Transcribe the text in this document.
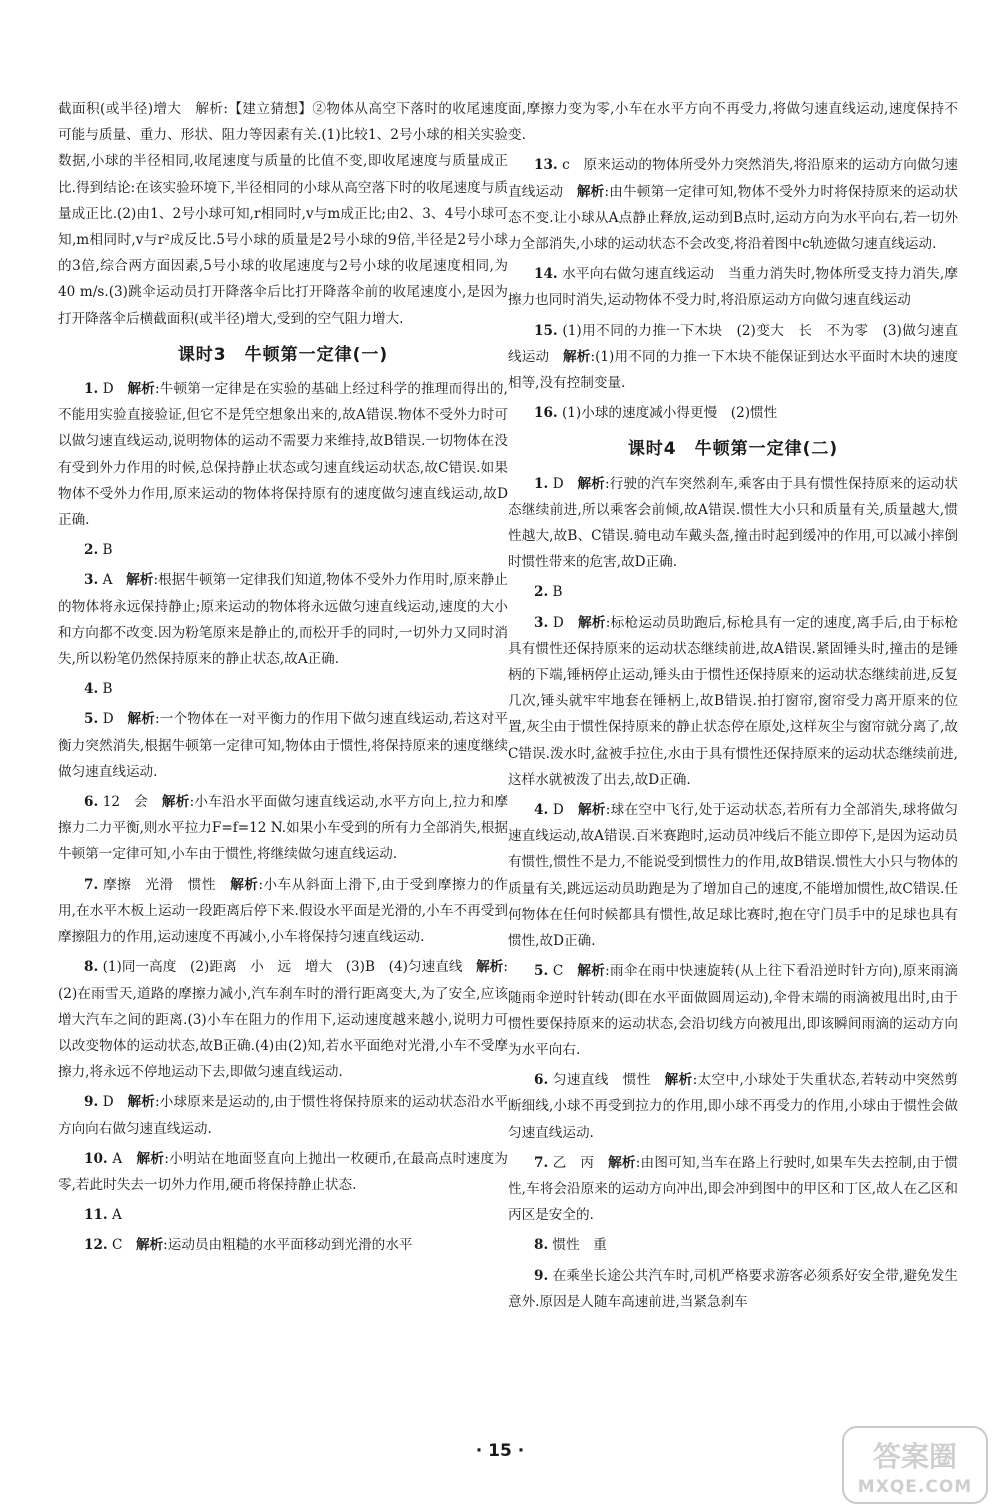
截面积(或半径)增大　解析:【建立猜想】②物体从高空下落时的收尾速度可能与质量、重力、形状、阻力等因素有关.(1)比较1、2号小球的相关实验数据,小球的半径相同,收尾速度与质量的比值不变,即收尾速度与质量成正比.得到结论:在该实验环境下,半径相同的小球从高空落下时的收尾速度与质量成正比.(2)由1、2号小球可知,r相同时,v与m成正比;由2、3、4号小球可知,m相同时,v与r²成反比.5号小球的质量是2号小球的9倍,半径是2号小球的3倍,综合两方面因素,5号小球的收尾速度与2号小球的收尾速度相同,为40 m/s.(3)跳伞运动员打开降落伞后比打开降落伞前的收尾速度小,是因为打开降落伞后横截面积(或半径)增大,受到的空气阻力增大.

课时3　牛顿第一定律(一)

1. D　 解析:牛顿第一定律是在实验的基础上经过科学的推理而得出的,不能用实验直接验证,但它不是凭空想象出来的,故A错误.物体不受外力时可以做匀速直线运动,说明物体的运动不需要力来维持,故B错误.一切物体在没有受到外力作用的时候,总保持静止状态或匀速直线运动状态,故C错误.如果物体不受外力作用,原来运动的物体将保持原有的速度做匀速直线运动,故D正确.

2. B

3. A　 解析:根据牛顿第一定律我们知道,物体不受外力作用时,原来静止的物体将永远保持静止;原来运动的物体将永远做匀速直线运动,速度的大小和方向都不改变.因为粉笔原来是静止的,而松开手的同时,一切外力又同时消失,所以粉笔仍然保持原来的静止状态,故A正确.

4. B

5. D　 解析:一个物体在一对平衡力的作用下做匀速直线运动,若这对平衡力突然消失,根据牛顿第一定律可知,物体由于惯性,将保持原来的速度继续做匀速直线运动.

6. 12　会　 解析:小车沿水平面做匀速直线运动,水平方向上,拉力和摩擦力二力平衡,则水平拉力F=f=12 N.如果小车受到的所有力全部消失,根据牛顿第一定律可知,小车由于惯性,将继续做匀速直线运动.

7. 摩擦　光滑　惯性　 解析:小车从斜面上滑下,由于受到摩擦力的作用,在水平木板上运动一段距离后停下来.假设水平面是光滑的,小车不再受到摩擦阻力的作用,运动速度不再减小,小车将保持匀速直线运动.

8. (1)同一高度　(2)距离　小　远　增大　(3)B　(4)匀速直线　 解析:(2)在雨雪天,道路的摩擦力减小,汽车刹车时的滑行距离变大,为了安全,应该增大汽车之间的距离.(3)小车在阻力的作用下,运动速度越来越小,说明力可以改变物体的运动状态,故B正确.(4)由(2)知,若水平面绝对光滑,小车不受摩擦力,将永远不停地运动下去,即做匀速直线运动.

9. D　 解析:小球原来是运动的,由于惯性将保持原来的运动状态沿水平方向向右做匀速直线运动.

10. A　 解析:小明站在地面竖直向上抛出一枚硬币,在最高点时速度为零,若此时失去一切外力作用,硬币将保持静止状态.

11. A

12. C　 解析:运动员由粗糙的水平面移动到光滑的水平

面,摩擦力变为零,小车在水平方向不再受力,将做匀速直线运动,速度保持不变.

13. c　原来运动的物体所受外力突然消失,将沿原来的运动方向做匀速直线运动　 解析:由牛顿第一定律可知,物体不受外力时将保持原来的运动状态不变.让小球从A点静止释放,运动到B点时,运动方向为水平向右,若一切外力全部消失,小球的运动状态不会改变,将沿着图中c轨迹做匀速直线运动.

14. 水平向右做匀速直线运动　当重力消失时,物体所受支持力消失,摩擦力也同时消失,运动物体不受力时,将沿原运动方向做匀速直线运动

15. (1)用不同的力推一下木块　(2)变大　长　不为零　(3)做匀速直线运动　 解析:(1)用不同的力推一下木块不能保证到达水平面时木块的速度相等,没有控制变量.

16. (1)小球的速度减小得更慢　(2)惯性

课时4　牛顿第一定律(二)

1. D　 解析:行驶的汽车突然刹车,乘客由于具有惯性保持原来的运动状态继续前进,所以乘客会前倾,故A错误.惯性大小只和质量有关,质量越大,惯性越大,故B、C错误.骑电动车戴头盔,撞击时起到缓冲的作用,可以减小摔倒时惯性带来的危害,故D正确.

2. B

3. D　 解析:标枪运动员助跑后,标枪具有一定的速度,离手后,由于标枪具有惯性还保持原来的运动状态继续前进,故A错误.紧固锤头时,撞击的是锤柄的下端,锤柄停止运动,锤头由于惯性还保持原来的运动状态继续前进,反复几次,锤头就牢牢地套在锤柄上,故B错误.拍打窗帘,窗帘受力离开原来的位置,灰尘由于惯性保持原来的静止状态停在原处,这样灰尘与窗帘就分离了,故C错误.泼水时,盆被手拉住,水由于具有惯性还保持原来的运动状态继续前进,这样水就被泼了出去,故D正确.

4. D　 解析:球在空中飞行,处于运动状态,若所有力全部消失,球将做匀速直线运动,故A错误.百米赛跑时,运动员冲线后不能立即停下,是因为运动员有惯性,惯性不是力,不能说受到惯性力的作用,故B错误.惯性大小只与物体的质量有关,跳远运动员助跑是为了增加自己的速度,不能增加惯性,故C错误.任何物体在任何时候都具有惯性,故足球比赛时,抱在守门员手中的足球也具有惯性,故D正确.

5. C　 解析:雨伞在雨中快速旋转(从上往下看沿逆时针方向),原来雨滴随雨伞逆时针转动(即在水平面做圆周运动),伞骨末端的雨滴被甩出时,由于惯性要保持原来的运动状态,会沿切线方向被甩出,即该瞬间雨滴的运动方向为水平向右.

6. 匀速直线　惯性　 解析:太空中,小球处于失重状态,若转动中突然剪断细线,小球不再受到拉力的作用,即小球不再受力的作用,小球由于惯性会做匀速直线运动.

7. 乙　丙　 解析:由图可知,当车在路上行驶时,如果车失去控制,由于惯性,车将会沿原来的运动方向冲出,即会冲到图中的甲区和丁区,故人在乙区和丙区是安全的.

8. 惯性　重

9. 在乘坐长途公共汽车时,司机严格要求游客必须系好安全带,避免发生意外.原因是人随车高速前进,当紧急刹车

· 15 ·	答案圈
MXQE.COM
